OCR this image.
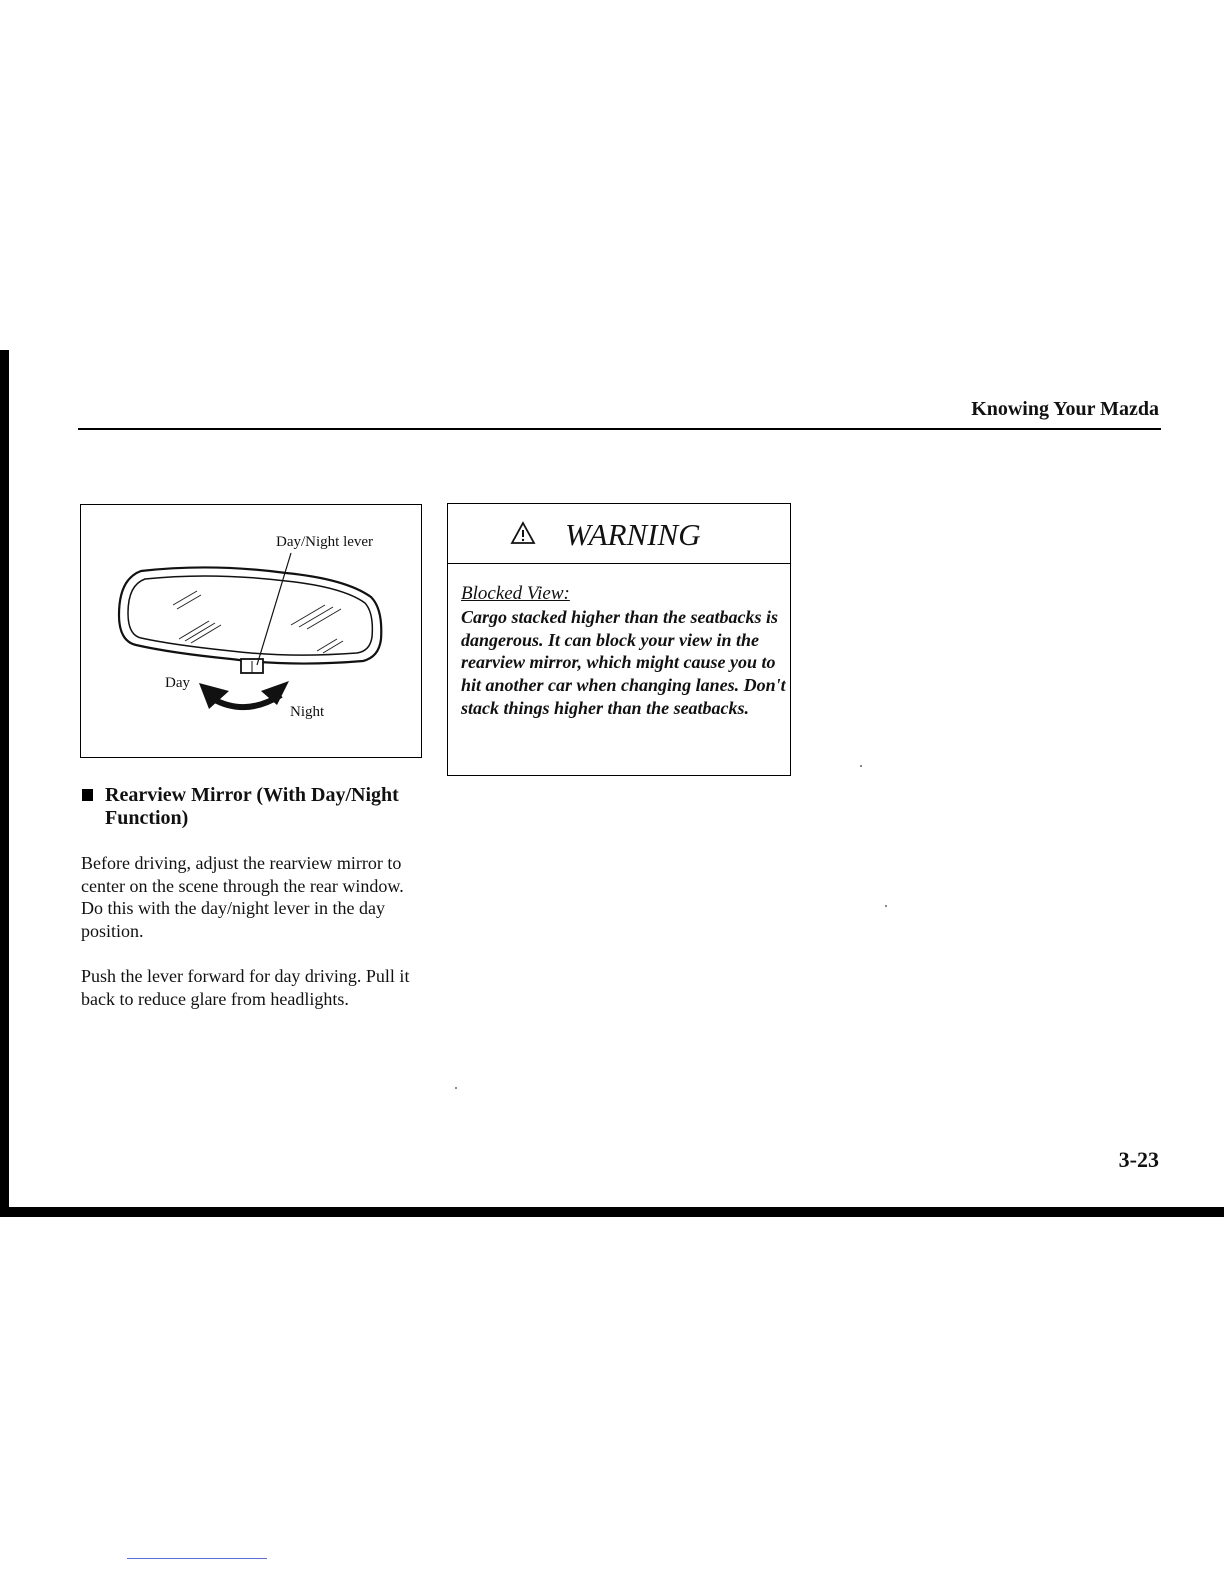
Knowing Your Mazda
Day/Night lever
Day
Night
Rearview Mirror (With Day/Night Function)
Before driving, adjust the rearview mirror to center on the scene through the rear window. Do this with the day/night lever in the day position.
Push the lever forward for day driving. Pull it back to reduce glare from headlights.
WARNING
Blocked View:
Cargo stacked higher than the seatbacks is dangerous. It can block your view in the rearview mirror, which might cause you to hit another car when changing lanes. Don't stack things higher than the seatbacks.
3-23
